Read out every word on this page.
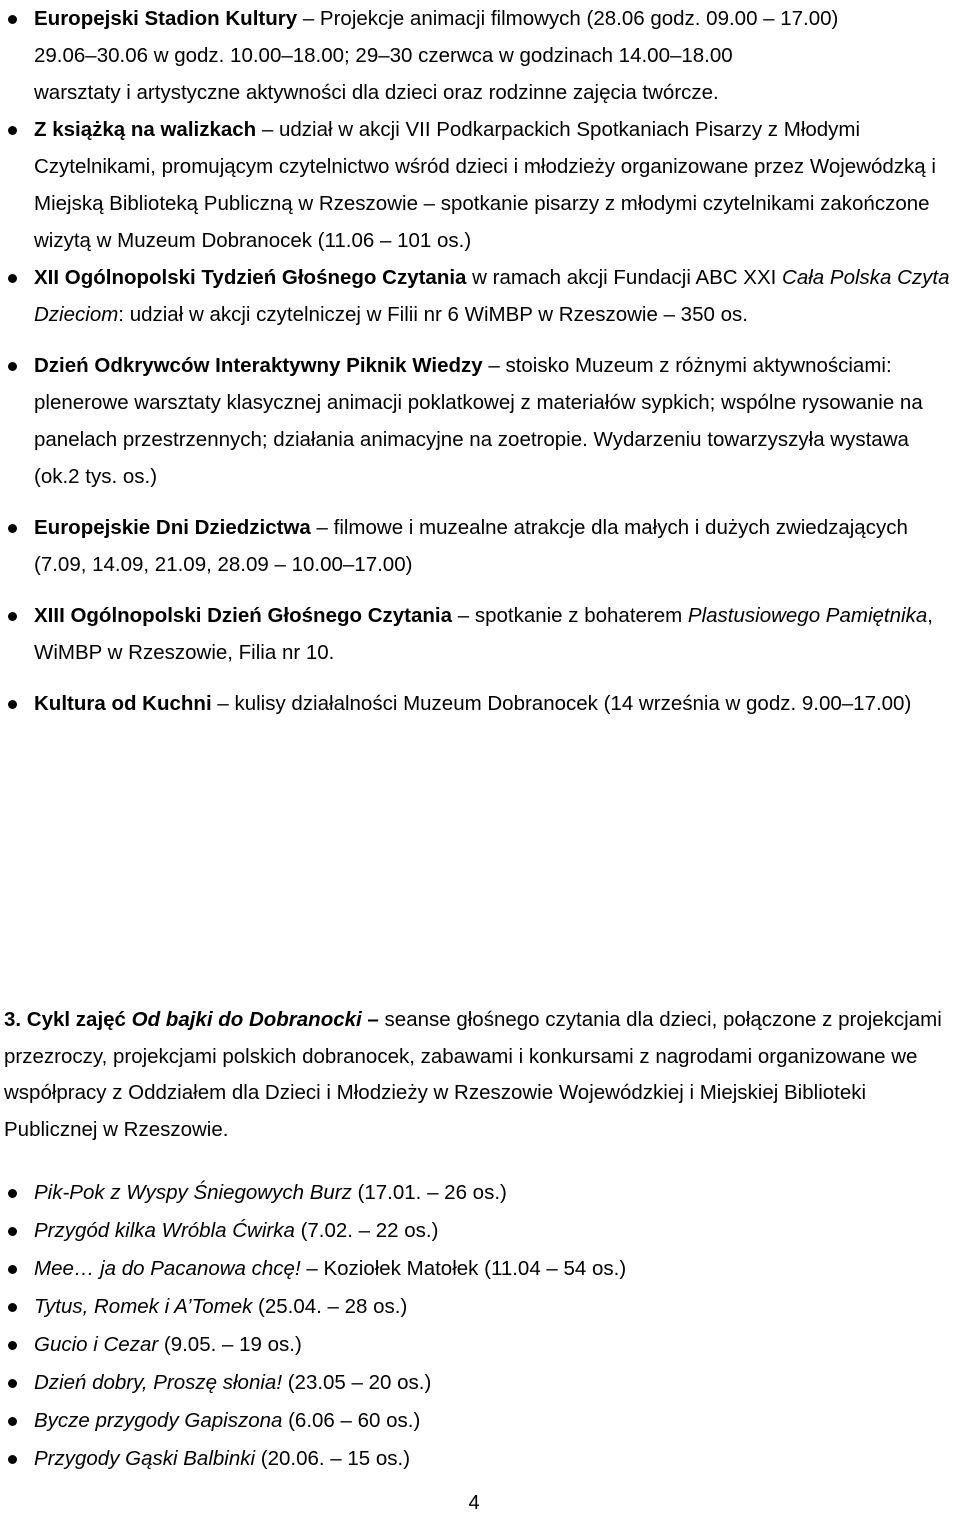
Europejski Stadion Kultury – Projekcje animacji filmowych (28.06 godz. 09.00 – 17.00)
29.06–30.06 w godz. 10.00–18.00; 29–30 czerwca w godzinach 14.00–18.00
warsztaty i artystyczne aktywności dla dzieci oraz rodzinne zajęcia twórcze.
Z książką na walizkach – udział w akcji VII Podkarpackich Spotkaniach Pisarzy z Młodymi Czytelnikami, promującym czytelnictwo wśród dzieci i młodzieży organizowane przez Wojewódzką i Miejską Biblioteką Publiczną w Rzeszowie – spotkanie pisarzy z młodymi czytelnikami zakończone wizytą w Muzeum Dobranocek (11.06 – 101 os.)
XII Ogólnopolski Tydzień Głośnego Czytania w ramach akcji Fundacji ABC XXI Cała Polska Czyta Dzieciom: udział w akcji czytelniczej w Filii nr 6 WiMBP w Rzeszowie – 350 os.
Dzień Odkrywców Interaktywny Piknik Wiedzy – stoisko Muzeum z różnymi aktywnościami: plenerowe warsztaty klasycznej animacji poklatkowej z materiałów sypkich; wspólne rysowanie na panelach przestrzennych; działania animacyjne na zoetropie. Wydarzeniu towarzyszyła wystawa (ok.2 tys. os.)
Europejskie Dni Dziedzictwa – filmowe i muzealne atrakcje dla małych i dużych zwiedzających (7.09, 14.09, 21.09, 28.09 – 10.00–17.00)
XIII Ogólnopolski Dzień Głośnego Czytania – spotkanie z bohaterem Plastusiowego Pamiętnika, WiMBP w Rzeszowie, Filia nr 10.
Kultura od Kuchni – kulisy działalności Muzeum Dobranocek (14 września w godz. 9.00–17.00)
3. Cykl zajęć Od bajki do Dobranocki – seanse głośnego czytania dla dzieci, połączone z projekcjami przezroczy, projekcjami polskich dobranocek, zabawami i konkursami z nagrodami organizowane we współpracy z Oddziałem dla Dzieci i Młodzieży w Rzeszowie Wojewódzkiej i Miejskiej Biblioteki Publicznej w Rzeszowie.
Pik-Pok z Wyspy Śniegowych Burz (17.01. – 26 os.)
Przygód kilka Wróbla Ćwirka (7.02. – 22 os.)
Mee… ja do Pacanowa chcę! – Koziołek Matołek (11.04 – 54 os.)
Tytus, Romek i A’Tomek (25.04. – 28 os.)
Gucio i Cezar (9.05. – 19 os.)
Dzień dobry, Proszę słonia! (23.05 – 20 os.)
Bycze przygody Gapiszona (6.06 – 60 os.)
Przygody Gąski Balbinki (20.06. – 15 os.)
4
